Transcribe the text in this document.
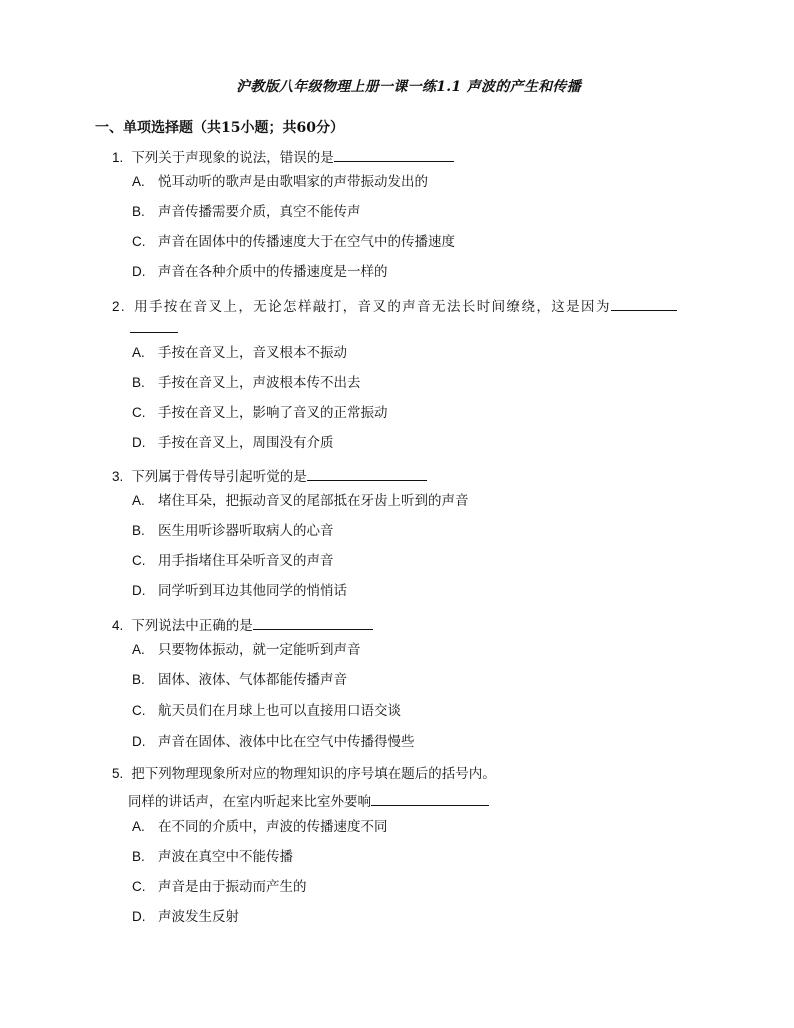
沪教版八年级物理上册一课一练1.1 声波的产生和传播
一、单项选择题（共15小题；共60分）
1. 下列关于声现象的说法，错误的是
A. 悦耳动听的歌声是由歌唱家的声带振动发出的
B. 声音传播需要介质，真空不能传声
C. 声音在固体中的传播速度大于在空气中的传播速度
D. 声音在各种介质中的传播速度是一样的
2. 用手按在音叉上，无论怎样敲打，音叉的声音无法长时间缭绕，这是因为
A. 手按在音叉上，音叉根本不振动
B. 手按在音叉上，声波根本传不出去
C. 手按在音叉上，影响了音叉的正常振动
D. 手按在音叉上，周围没有介质
3. 下列属于骨传导引起听觉的是
A. 堵住耳朵，把振动音叉的尾部抵在牙齿上听到的声音
B. 医生用听诊器听取病人的心音
C. 用手指堵住耳朵听音叉的声音
D. 同学听到耳边其他同学的悄悄话
4. 下列说法中正确的是
A. 只要物体振动，就一定能听到声音
B. 固体、液体、气体都能传播声音
C. 航天员们在月球上也可以直接用口语交谈
D. 声音在固体、液体中比在空气中传播得慢些
5. 把下列物理现象所对应的物理知识的序号填在题后的括号内。
同样的讲话声，在室内听起来比室外要响
A. 在不同的介质中，声波的传播速度不同
B. 声波在真空中不能传播
C. 声音是由于振动而产生的
D. 声波发生反射
